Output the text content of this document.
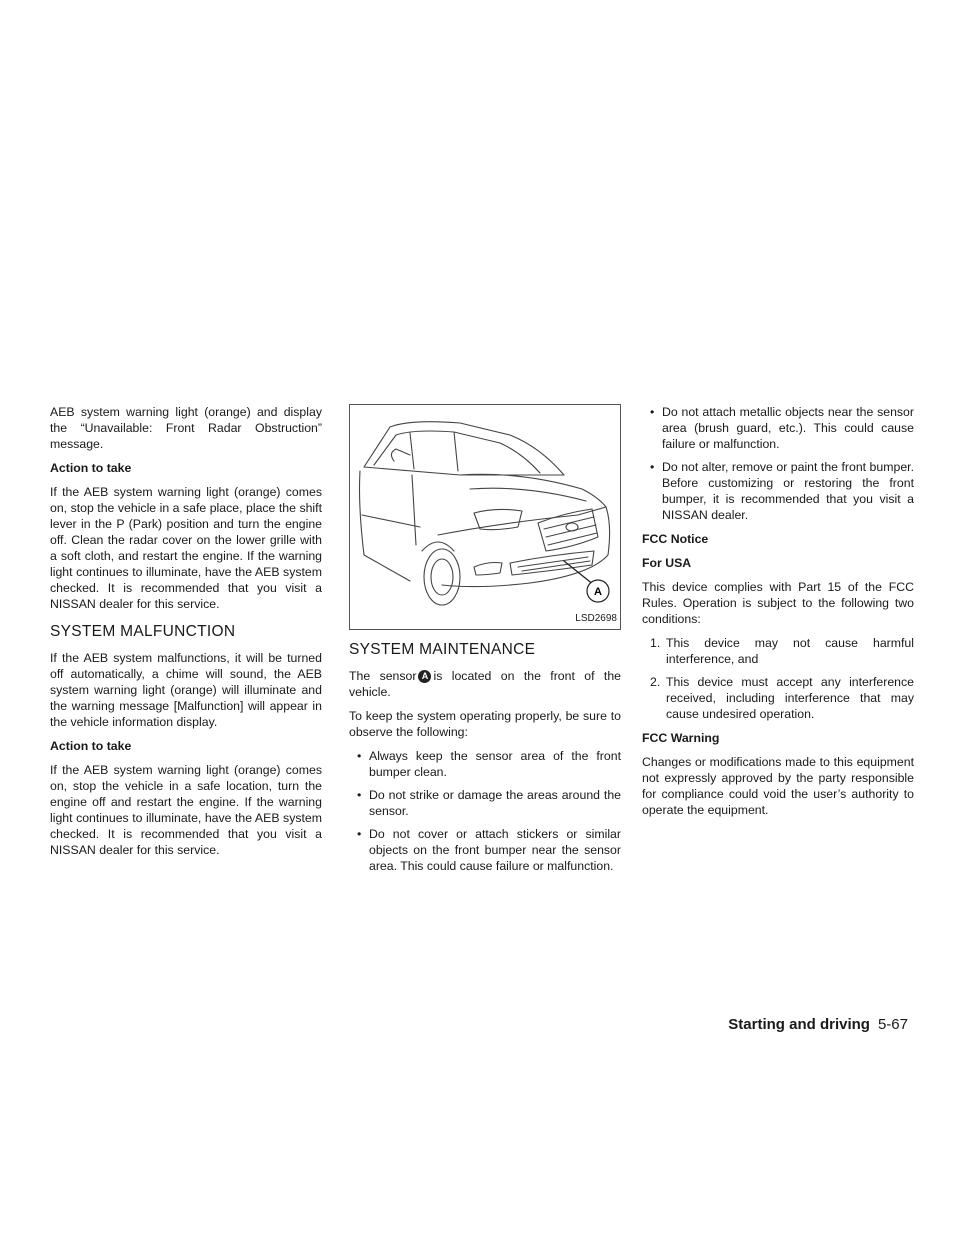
AEB system warning light (orange) and display the “Unavailable: Front Radar Obstruction” message.

Action to take

If the AEB system warning light (orange) comes on, stop the vehicle in a safe place, place the shift lever in the P (Park) position and turn the engine off. Clean the radar cover on the lower grille with a soft cloth, and restart the engine. If the warning light continues to illuminate, have the AEB system checked. It is recommended that you visit a NISSAN dealer for this service.

SYSTEM MALFUNCTION

If the AEB system malfunctions, it will be turned off automatically, a chime will sound, the AEB system warning light (orange) will illuminate and the warning message [Malfunction] will appear in the vehicle information display.

Action to take

If the AEB system warning light (orange) comes on, stop the vehicle in a safe location, turn the engine off and restart the engine. If the warning light continues to illuminate, have the AEB system checked. It is recommended that you visit a NISSAN dealer for this service.

A
LSD2698
SYSTEM MAINTENANCE

The sensor A is located on the front of the vehicle.

To keep the system operating properly, be sure to observe the following:

• Always keep the sensor area of the front bumper clean.
• Do not strike or damage the areas around the sensor.
• Do not cover or attach stickers or similar objects on the front bumper near the sensor area. This could cause failure or malfunction.
• Do not attach metallic objects near the sensor area (brush guard, etc.). This could cause failure or malfunction.
• Do not alter, remove or paint the front bumper. Before customizing or restoring the front bumper, it is recommended that you visit a NISSAN dealer.
FCC Notice
For USA

This device complies with Part 15 of the FCC Rules. Operation is subject to the following two conditions:

1. This device may not cause harmful interference, and
2. This device must accept any interference received, including interference that may cause undesired operation.
FCC Warning

Changes or modifications made to this equipment not expressly approved by the party responsible for compliance could void the user’s authority to operate the equipment.

Starting and driving 5-67
